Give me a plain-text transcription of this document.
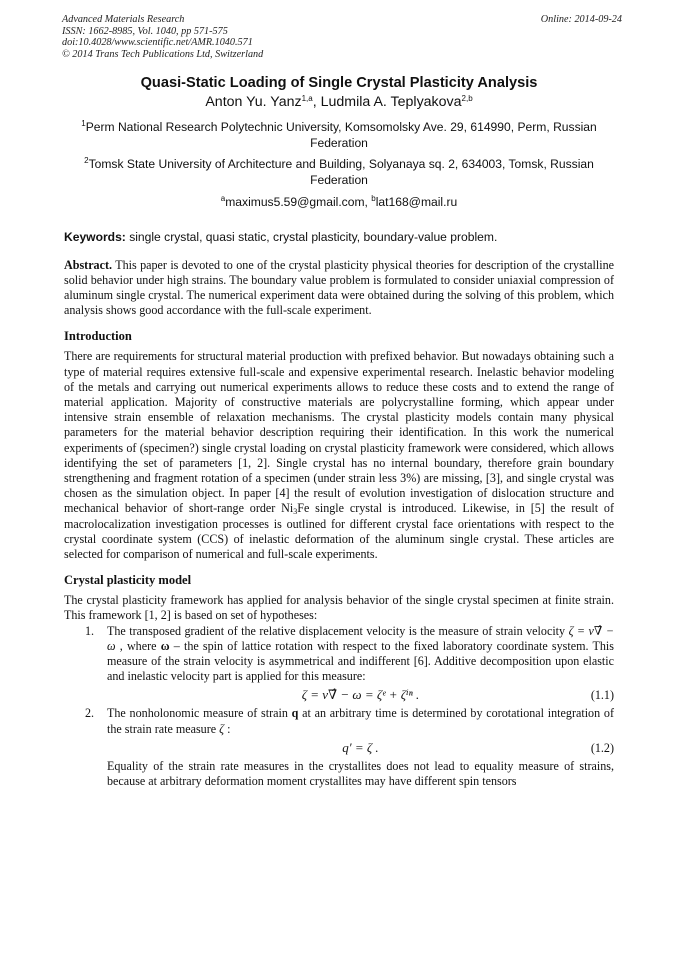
Advanced Materials Research
ISSN: 1662-8985, Vol. 1040, pp 571-575
doi:10.4028/www.scientific.net/AMR.1040.571
© 2014 Trans Tech Publications Ltd, Switzerland
Online: 2014-09-24
Quasi-Static Loading of Single Crystal Plasticity Analysis
Anton Yu. Yanz$^{1,a}$, Ludmila A. Teplyakova$^{2,b}$
$^1$Perm National Research Polytechnic University, Komsomolsky Ave. 29, 614990, Perm, Russian Federation
$^2$Tomsk State University of Architecture and Building, Solyanaya sq. 2, 634003, Tomsk, Russian Federation
$^a$maximus5.59@gmail.com, $^b$lat168@mail.ru
Keywords: single crystal, quasi static, crystal plasticity, boundary-value problem.

Abstract. This paper is devoted to one of the crystal plasticity physical theories for description of the crystalline solid behavior under high strains. The boundary value problem is formulated to consider uniaxial compression of aluminum single crystal. The numerical experiment data were obtained during the solving of this problem, which analysis shows good accordance with the full-scale experiment.

Introduction

There are requirements for structural material production with prefixed behavior. But nowadays obtaining such a type of material requires extensive full-scale and expensive experimental research. Inelastic behavior modeling of the metals and carrying out numerical experiments allows to reduce these costs and to extend the range of material application. Majority of constructive materials are polycrystalline forming, which appear under intensive strain ensemble of relaxation mechanisms. The crystal plasticity models contain many physical parameters for the material behavior description requiring their identification. In this work the numerical experiments of (specimen?) single crystal loading on crystal plasticity framework were considered, which allows identifying the set of parameters [1, 2]. Single crystal has no internal boundary, therefore grain boundary strengthening and fragment rotation of a specimen (under strain less 3%) are missing, [3], and single crystal was chosen as the simulation object. In paper [4] the result of evolution investigation of dislocation structure and mechanical behavior of short-range order $Ni_3Fe$ single crystal is introduced. Likewise, in [5] the result of macrolocalization investigation processes is outlined for different crystal face orientations with respect to the crystal coordinate system (CCS) of inelastic deformation of the aluminum single crystal. These articles are selected for comparison of numerical and full-scale experiments.

Crystal plasticity model

The crystal plasticity framework has applied for analysis behavior of the single crystal specimen at finite strain. This framework [1, 2] is based on set of hypotheses:

1. The transposed gradient of the relative displacement velocity is the measure of strain velocity ζ = v∇̂ − ω , where ω – the spin of lattice rotation with respect to the fixed laboratory coordinate system. This measure of the strain velocity is asymmetrical and indifferent [6]. Additive decomposition upon elastic and inelastic velocity part is applied for this measure:

ζ = v∇̂ − ω = ζᵉ + ζⁱⁿ .	(1.1)
2. The nonholonomic measure of strain q at an arbitrary time is determined by corotational integration of the strain rate measure ζ :

q′ = ζ .	(1.2)

Equality of the strain rate measures in the crystallites does not lead to equality measure of strains, because at arbitrary deformation moment crystallites may have different spin tensors
